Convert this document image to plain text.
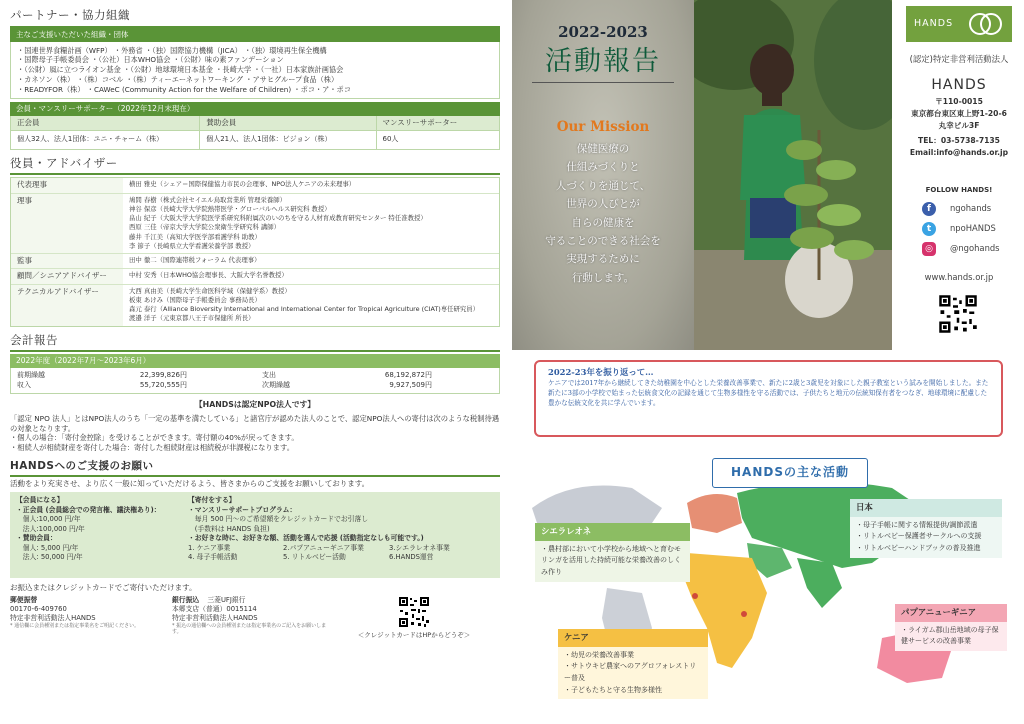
パートナー・協力組織
主なご支援いただいた組織・団体
・国連世界食糧計画（WFP） ・外務省 ・（独）国際協力機構（JICA） ・（独）環境再生保全機構
・国際母子手帳委員会 ・（公社）日本WHO協会 ・（公財）味の素ファンデーション
・（公財）風に立つライオン基金 ・（公財）地球環境日本基金 ・長崎大学 ・（一社）日本家族計画協会
・カネソン（株） ・（株）コベル ・（株）ティーエーネットワーキング ・アサヒグループ食品（株）
・READYFOR（株） ・CAWeC (Community Action for the Welfare of Children) ・ポコ・ア・ポコ
会員・マンスリーサポーター（2022年12月末現在）
正会員	賛助会員	マンスリーサポーター
個人32人、法人1団体：ユニ・チャーム（株）	個人21人、法人1団体：ビジョン（株）	60人
役員・アドバイザー
代表理事	横田 雅史（シェア＝国際保健協力市民の会理事、NPO法人ケニアの未来理事）
理事	鳩間 春樹（株式会社セイエル烏取営業所 管理栄養師）
神谷 保彦（長崎大学大学院熱帯医学・グローバルヘルス研究科 教授）
畠山 紀子（大阪大学大学院医学系研究科附属次のいのちを守る人材育成教育研究センター 特任准教授）
西原 三佳（帝京大学大学院公衆衛生学研究科 講師）
藤井 千江美（高知大学医学部看護学科 助教）
李 節子（長崎県立大学看護栄養学部 教授）
監事	田中 徹二（国際連帯税フォーラム 代表理事）
顧問／シニアアドバイザー	中村 安秀（日本WHO協会理事長、大阪大学名誉教授）
テクニカルアドバイザー	大西 真由美（長崎大学生命医科学域（保健学系）教授）
板東 あけみ（国際母子手帳委員会 事務局長）
森元 泰行（Alliance Bioversity International and International Center for Tropical Agriculture (CIAT)専任研究員）
渡邉 洋子（元東京都八王子市保健所 所長）
会計報告
2022年度（2022年7月〜2023年6月）
前期繰越	22,399,826円
収入	55,720,555円
支出	68,192,872円
次期繰越	9,927,509円
【HANDSは認定NPO法人です】
「認定 NPO 法人」とはNPO法人のうち「一定の基準を満たしている」と諸官庁が認めた法人のことで、認定NPO法人への寄付は次のような税制待遇の対象となります。
・個人の場合：「寄付金控除」を受けることができます。寄付額の40%が戻ってきます。
・相続人が相続財産を寄付した場合：寄付した相続財産は相続税が非課税になります。
HANDSへのご支援のお願い
活動をより充実させ、より広く一般に知っていただけるよう、皆さまからのご支援をお願いしております。
【会員になる】
・正会員 (会員総会での発言権、議決権あり)：
　個人:10,000 円/年
　法人:100,000 円/年
・賛助会員：
　個人: 5,000 円/年
　法人: 50,000 円/年
【寄付をする】
・マンスリーサポートプログラム：
　毎月 500 円〜のご希望額をクレジットカードでお引落し
　(手数料は HANDS 負担)
・お好きな時に、お好きな額、活動を選んで応援 (活動指定なしも可能です。)
1. ケニア事業	2.パプアニューギニア事業	3.シエラレオネ事業
4. 母子手帳活動	5. リトルベビー活動	6.HANDS運営
お振込またはクレジットカードでご寄付いただけます。
郵便振替
00170-6-409760
特定非営利活動法人HANDS
* 通信欄に会員種別または指定事業名をご明記ください。
銀行振込 三菱UFJ銀行
本郷支店（普通）0015114
特定非営利活動法人HANDS
* 振込の通信欄への会員種別または指定事業名のご記入をお願いします。	＜クレジットカードはHPからどうぞ＞
2022-2023
活動報告
Our Mission
保健医療の
仕組みづくりと
人づくりを通じて、
世界の人びとが
自らの健康を
守ることのできる社会を
実現するために
行動します。
HANDS
(認定)特定非営利活動法人
HANDS
〒110-0015
東京都台東区東上野1-20-6
丸幸ビル3F
TEL：03-5738-7135
Email:info@hands.or.jp
FOLLOW HANDS!
f	ngohands
t	npoHANDS
◎	@ngohands
www.hands.or.jp
2022-23年を振り返って…
ケニアでは2017年から継続してきた幼稚園を中心とした栄養改善事業で、新たに2歳と3歳児を対象にした親子教室という試みを開始しました。また新たに3部の小学校で始まった伝統食文化の記録を通じて生物多様性を守る活動では、子供たちと地元の伝統知保有者をつなぎ、地球環境に配慮した豊かな伝統文化を共に学んでいます。
HANDSの主な活動
シエラレオネ
・農村部において小学校から地域へと育むモリンガを活用した持続可能な栄養改善のしくみ作り
ケニア
・幼児の栄養改善事業
・サトウキビ農家へのアグロフォレストリー普及
・子どもたちと守る生物多様性
日本
・母子手帳に関する情報提供/調節派遣
・リトルベビー保護者サークルへの支援
・リトルベビーハンドブックの普及推進
パプアニューギニア
・ライガム郡山岳地域の母子保健サービスの改善事業
